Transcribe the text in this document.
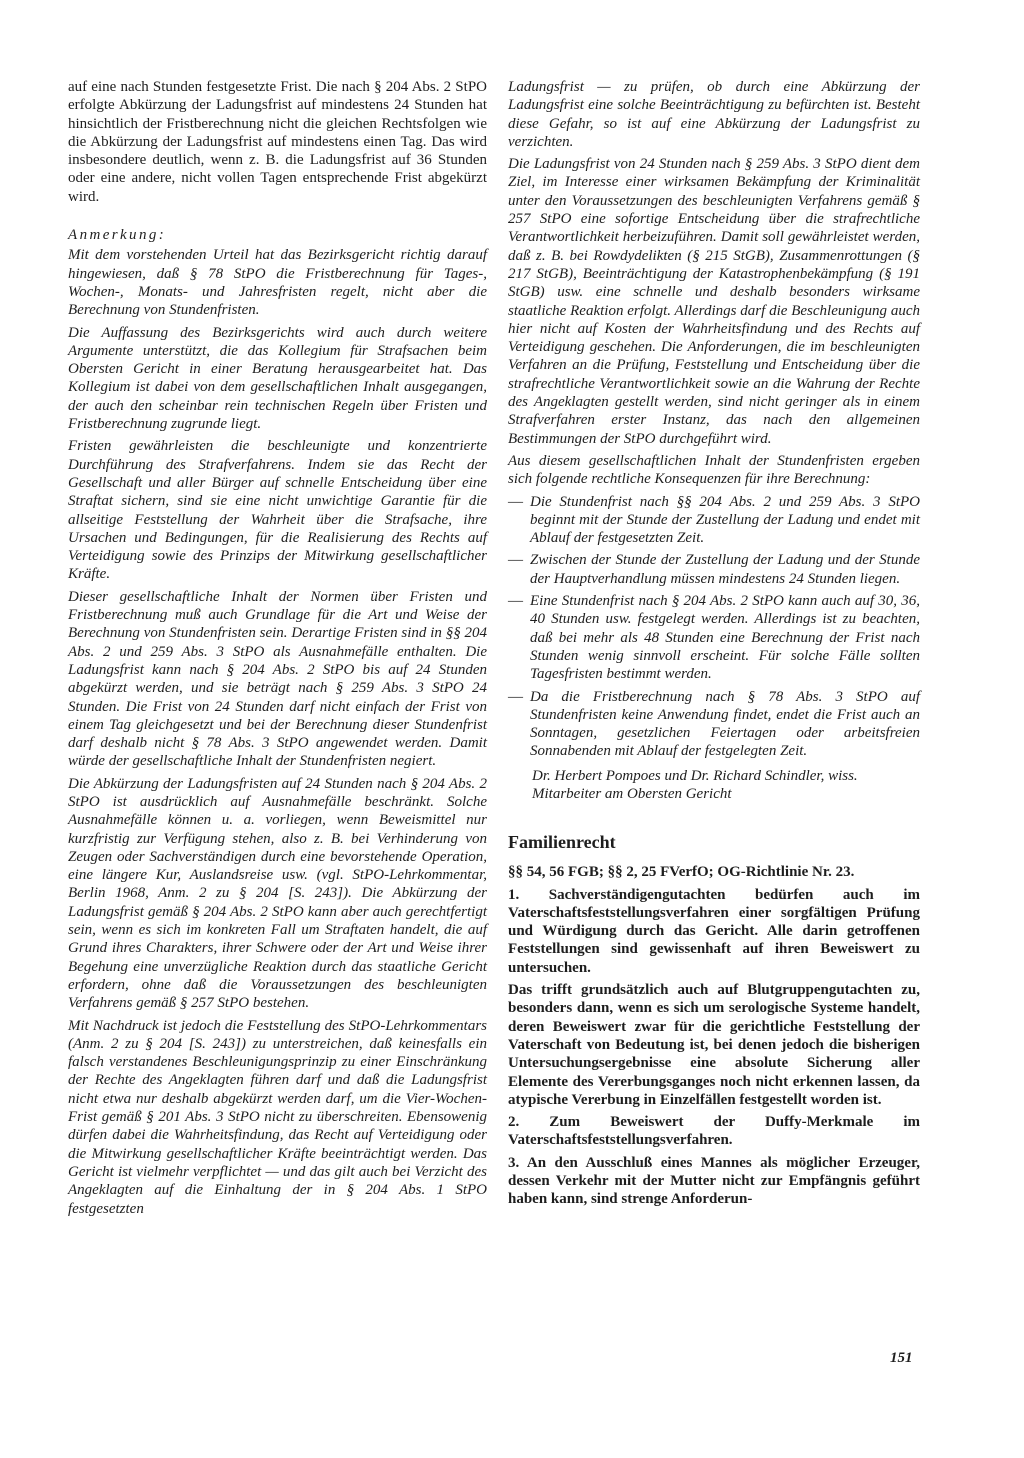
auf eine nach Stunden festgesetzte Frist. Die nach § 204 Abs. 2 StPO erfolgte Abkürzung der Ladungsfrist auf mindestens 24 Stunden hat hinsichtlich der Fristberechnung nicht die gleichen Rechtsfolgen wie die Abkürzung der Ladungsfrist auf mindestens einen Tag. Das wird insbesondere deutlich, wenn z. B. die Ladungsfrist auf 36 Stunden oder eine andere, nicht vollen Tagen entsprechende Frist abgekürzt wird.

Anmerkung:

Mit dem vorstehenden Urteil hat das Bezirksgericht richtig darauf hingewiesen, daß § 78 StPO die Fristberechnung für Tages-, Wochen-, Monats- und Jahresfristen regelt, nicht aber die Berechnung von Stundenfristen.

Die Auffassung des Bezirksgerichts wird auch durch weitere Argumente unterstützt, die das Kollegium für Strafsachen beim Obersten Gericht in einer Beratung herausgearbeitet hat. Das Kollegium ist dabei von dem gesellschaftlichen Inhalt ausgegangen, der auch den scheinbar rein technischen Regeln über Fristen und Fristberechnung zugrunde liegt.

Fristen gewährleisten die beschleunigte und konzentrierte Durchführung des Strafverfahrens. Indem sie das Recht der Gesellschaft und aller Bürger auf schnelle Entscheidung über eine Straftat sichern, sind sie eine nicht unwichtige Garantie für die allseitige Feststellung der Wahrheit über die Strafsache, ihre Ursachen und Bedingungen, für die Realisierung des Rechts auf Verteidigung sowie des Prinzips der Mitwirkung gesellschaftlicher Kräfte.

Dieser gesellschaftliche Inhalt der Normen über Fristen und Fristberechnung muß auch Grundlage für die Art und Weise der Berechnung von Stundenfristen sein. Derartige Fristen sind in §§ 204 Abs. 2 und 259 Abs. 3 StPO als Ausnahmefälle enthalten. Die Ladungsfrist kann nach § 204 Abs. 2 StPO bis auf 24 Stunden abgekürzt werden, und sie beträgt nach § 259 Abs. 3 StPO 24 Stunden. Die Frist von 24 Stunden darf nicht einfach der Frist von einem Tag gleichgesetzt und bei der Berechnung dieser Stundenfrist darf deshalb nicht § 78 Abs. 3 StPO angewendet werden. Damit würde der gesellschaftliche Inhalt der Stundenfristen negiert.

Die Abkürzung der Ladungsfristen auf 24 Stunden nach § 204 Abs. 2 StPO ist ausdrücklich auf Ausnahmefälle beschränkt. Solche Ausnahmefälle können u. a. vorliegen, wenn Beweismittel nur kurzfristig zur Verfügung stehen, also z. B. bei Verhinderung von Zeugen oder Sachverständigen durch eine bevorstehende Operation, eine längere Kur, Auslandsreise usw. (vgl. StPO-Lehrkommentar, Berlin 1968, Anm. 2 zu § 204 [S. 243]). Die Abkürzung der Ladungsfrist gemäß § 204 Abs. 2 StPO kann aber auch gerechtfertigt sein, wenn es sich im konkreten Fall um Straftaten handelt, die auf Grund ihres Charakters, ihrer Schwere oder der Art und Weise ihrer Begehung eine unverzügliche Reaktion durch das staatliche Gericht erfordern, ohne daß die Voraussetzungen des beschleunigten Verfahrens gemäß § 257 StPO bestehen.

Mit Nachdruck ist jedoch die Feststellung des StPO-Lehrkommentars (Anm. 2 zu § 204 [S. 243]) zu unterstreichen, daß keinesfalls ein falsch verstandenes Beschleunigungsprinzip zu einer Einschränkung der Rechte des Angeklagten führen darf und daß die Ladungsfrist nicht etwa nur deshalb abgekürzt werden darf, um die Vier-Wochen-Frist gemäß § 201 Abs. 3 StPO nicht zu überschreiten. Ebensowenig dürfen dabei die Wahrheitsfindung, das Recht auf Verteidigung oder die Mitwirkung gesellschaftlicher Kräfte beeinträchtigt werden. Das Gericht ist vielmehr verpflichtet — und das gilt auch bei Verzicht des Angeklagten auf die Einhaltung der in § 204 Abs. 1 StPO festgesetzten

Ladungsfrist — zu prüfen, ob durch eine Abkürzung der Ladungsfrist eine solche Beeinträchtigung zu befürchten ist. Besteht diese Gefahr, so ist auf eine Abkürzung der Ladungsfrist zu verzichten.

Die Ladungsfrist von 24 Stunden nach § 259 Abs. 3 StPO dient dem Ziel, im Interesse einer wirksamen Bekämpfung der Kriminalität unter den Voraussetzungen des beschleunigten Verfahrens gemäß § 257 StPO eine sofortige Entscheidung über die strafrechtliche Verantwortlichkeit herbeizuführen. Damit soll gewährleistet werden, daß z. B. bei Rowdydelikten (§ 215 StGB), Zusammenrottungen (§ 217 StGB), Beeinträchtigung der Katastrophenbekämpfung (§ 191 StGB) usw. eine schnelle und deshalb besonders wirksame staatliche Reaktion erfolgt. Allerdings darf die Beschleunigung auch hier nicht auf Kosten der Wahrheitsfindung und des Rechts auf Verteidigung geschehen. Die Anforderungen, die im beschleunigten Verfahren an die Prüfung, Feststellung und Entscheidung über die strafrechtliche Verantwortlichkeit sowie an die Wahrung der Rechte des Angeklagten gestellt werden, sind nicht geringer als in einem Strafverfahren erster Instanz, das nach den allgemeinen Bestimmungen der StPO durchgeführt wird.

Aus diesem gesellschaftlichen Inhalt der Stundenfristen ergeben sich folgende rechtliche Konsequenzen für ihre Berechnung:

— Die Stundenfrist nach §§ 204 Abs. 2 und 259 Abs. 3 StPO beginnt mit der Stunde der Zustellung der Ladung und endet mit Ablauf der festgesetzten Zeit.
— Zwischen der Stunde der Zustellung der Ladung und der Stunde der Hauptverhandlung müssen mindestens 24 Stunden liegen.
— Eine Stundenfrist nach § 204 Abs. 2 StPO kann auch auf 30, 36, 40 Stunden usw. festgelegt werden. Allerdings ist zu beachten, daß bei mehr als 48 Stunden eine Berechnung der Frist nach Stunden wenig sinnvoll erscheint. Für solche Fälle sollten Tagesfristen bestimmt werden.
— Da die Fristberechnung nach § 78 Abs. 3 StPO auf Stundenfristen keine Anwendung findet, endet die Frist auch an Sonntagen, gesetzlichen Feiertagen oder arbeitsfreien Sonnabenden mit Ablauf der festgelegten Zeit.
Dr. Herbert Pompoes und Dr. Richard Schindler, wiss. Mitarbeiter am Obersten Gericht
Familienrecht

§§ 54, 56 FGB; §§ 2, 25 FVerfO; OG-Richtlinie Nr. 23.

1. Sachverständigengutachten bedürfen auch im Vaterschaftsfeststellungsverfahren einer sorgfältigen Prüfung und Würdigung durch das Gericht. Alle darin getroffenen Feststellungen sind gewissenhaft auf ihren Beweiswert zu untersuchen.

Das trifft grundsätzlich auch auf Blutgruppengutachten zu, besonders dann, wenn es sich um serologische Systeme handelt, deren Beweiswert zwar für die gerichtliche Feststellung der Vaterschaft von Bedeutung ist, bei denen jedoch die bisherigen Untersuchungsergebnisse eine absolute Sicherung aller Elemente des Vererbungsganges noch nicht erkennen lassen, da atypische Vererbung in Einzelfällen festgestellt worden ist.

2. Zum Beweiswert der Duffy-Merkmale im Vaterschaftsfeststellungsverfahren.

3. An den Ausschluß eines Mannes als möglicher Erzeuger, dessen Verkehr mit der Mutter nicht zur Empfängnis geführt haben kann, sind strenge Anforderun-

151
